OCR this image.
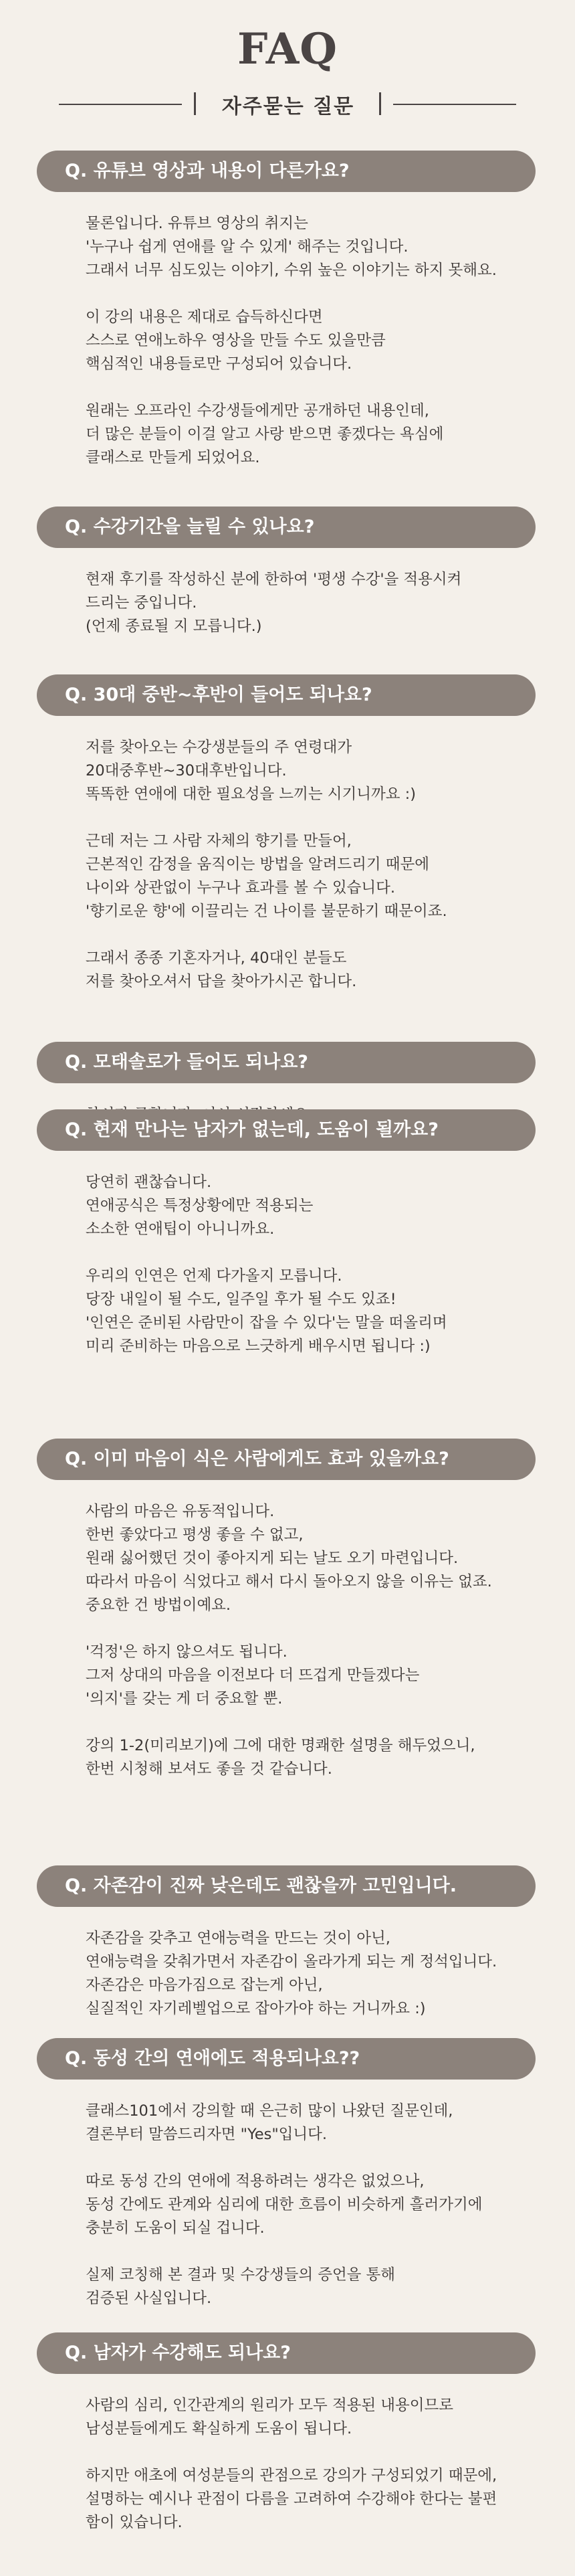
FAQ
자주묻는 질문
Q. 유튜브 영상과 내용이 다른가요?
물론입니다. 유튜브 영상의 취지는
'누구나 쉽게 연애를 알 수 있게' 해주는 것입니다.
그래서 너무 심도있는 이야기, 수위 높은 이야기는 하지 못해요.
이 강의 내용은 제대로 습득하신다면
스스로 연애노하우 영상을 만들 수도 있을만큼
핵심적인 내용들로만 구성되어 있습니다.
원래는 오프라인 수강생들에게만 공개하던 내용인데,
더 많은 분들이 이걸 알고 사랑 받으면 좋겠다는 욕심에
클래스로 만들게 되었어요.
Q. 수강기간을 늘릴 수 있나요?
현재 후기를 작성하신 분에 한하여 '평생 수강'을 적용시켜
드리는 중입니다.
(언제 종료될 지 모릅니다.)
Q. 30대 중반~후반이 들어도 되나요?
저를 찾아오는 수강생분들의 주 연령대가
20대중후반~30대후반입니다.
똑똑한 연애에 대한 필요성을 느끼는 시기니까요 :)
근데 저는 그 사람 자체의 향기를 만들어,
근본적인 감정을 움직이는 방법을 알려드리기 때문에
나이와 상관없이 누구나 효과를 볼 수 있습니다.
'향기로운 향'에 이끌리는 건 나이를 불문하기 때문이죠.
그래서 종종 기혼자거나, 40대인 분들도
저를 찾아오셔서 답을 찾아가시곤 합니다.
Q. 모태솔로가 들어도 되나요?
Q. 현재 만나는 남자가 없는데, 도움이 될까요?
당연히 괜찮습니다.
연애공식은 특정상황에만 적용되는
소소한 연애팁이 아니니까요.
우리의 인연은 언제 다가올지 모릅니다.
당장 내일이 될 수도, 일주일 후가 될 수도 있죠!
'인연은 준비된 사람만이 잡을 수 있다'는 말을 떠올리며
미리 준비하는 마음으로 느긋하게 배우시면 됩니다 :)
Q. 이미 마음이 식은 사람에게도 효과 있을까요?
사람의 마음은 유동적입니다.
한번 좋았다고 평생 좋을 수 없고,
원래 싫어했던 것이 좋아지게 되는 날도 오기 마련입니다.
따라서 마음이 식었다고 해서 다시 돌아오지 않을 이유는 없죠.
중요한 건 방법이예요.
'걱정'은 하지 않으셔도 됩니다.
그저 상대의 마음을 이전보다 더 뜨겁게 만들겠다는
'의지'를 갖는 게 더 중요할 뿐.
강의 1-2(미리보기)에 그에 대한 명쾌한 설명을 해두었으니,
한번 시청해 보셔도 좋을 것 같습니다.
Q. 자존감이 진짜 낮은데도 괜찮을까 고민입니다.
자존감을 갖추고 연애능력을 만드는 것이 아닌,
연애능력을 갖춰가면서 자존감이 올라가게 되는 게 정석입니다.
자존감은 마음가짐으로 잡는게 아닌,
실질적인 자기레벨업으로 잡아가야 하는 거니까요 :)
Q. 동성 간의 연애에도 적용되나요??
클래스101에서 강의할 때 은근히 많이 나왔던 질문인데,
결론부터 말씀드리자면 "Yes"입니다.
따로 동성 간의 연애에 적용하려는 생각은 없었으나,
동성 간에도 관계와 심리에 대한 흐름이 비슷하게 흘러가기에
충분히 도움이 되실 겁니다.
실제 코칭해 본 결과 및 수강생들의 증언을 통해
검증된 사실입니다.
Q. 남자가 수강해도 되나요?
사람의 심리, 인간관계의 원리가 모두 적용된 내용이므로
남성분들에게도 확실하게 도움이 됩니다.
하지만 애초에 여성분들의 관점으로 강의가 구성되었기 때문에,
설명하는 예시나 관점이 다름을 고려하여 수강해야 한다는 불편
함이 있습니다.
